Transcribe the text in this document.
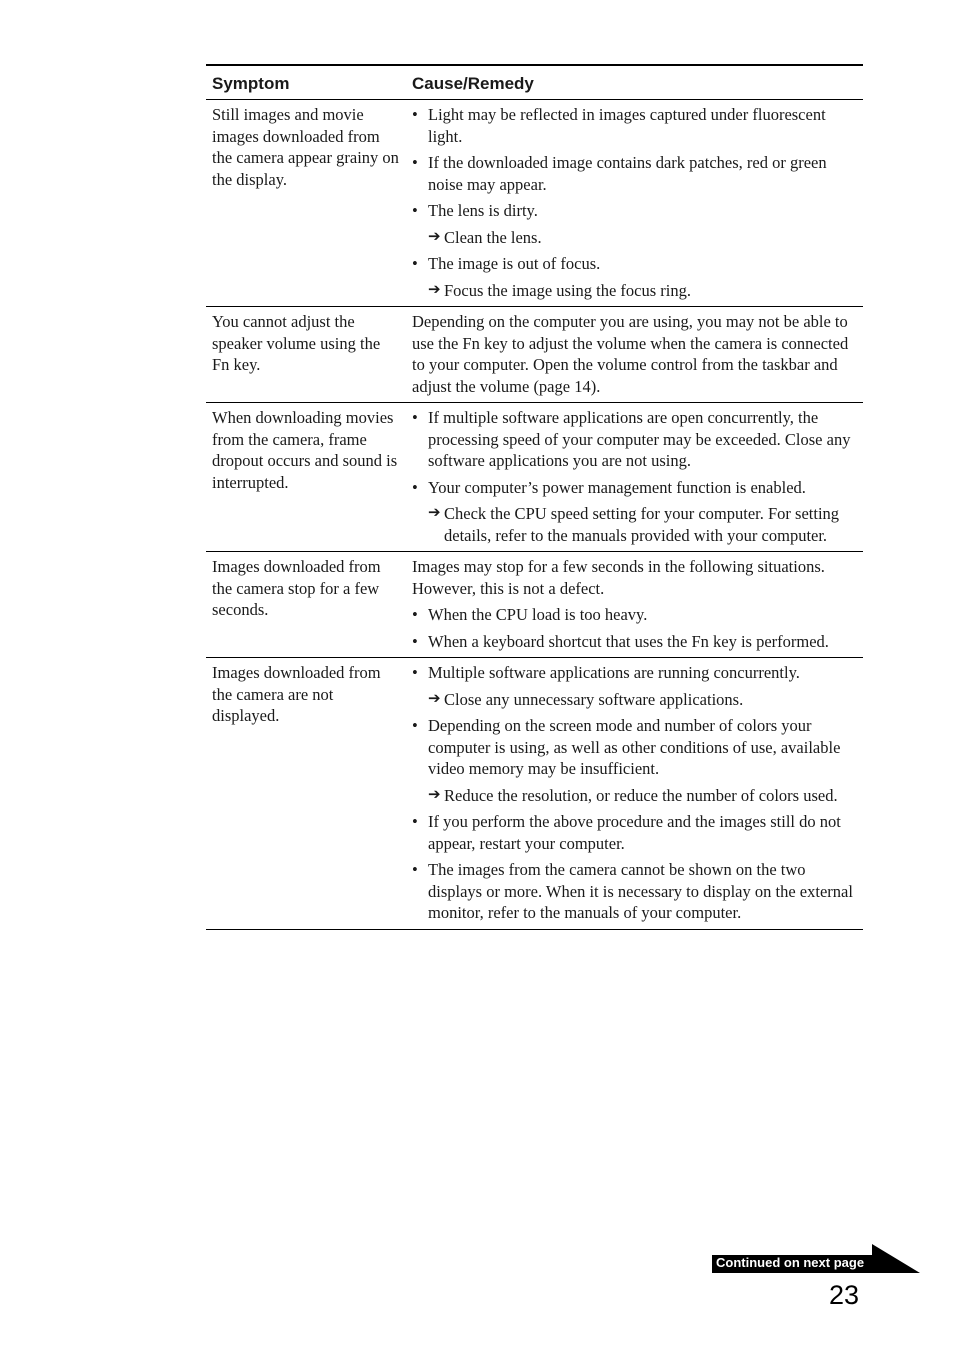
Symptom	Cause/Remedy
Still images and movie images downloaded from the camera appear grainy on the display.
• Light may be reflected in images captured under fluorescent light.
• If the downloaded image contains dark patches, red or green noise may appear.
• The lens is dirty.
➔ Clean the lens.
• The image is out of focus.
➔ Focus the image using the focus ring.
You cannot adjust the speaker volume using the Fn key.
Depending on the computer you are using, you may not be able to use the Fn key to adjust the volume when the camera is connected to your computer. Open the volume control from the taskbar and adjust the volume (page 14).
When downloading movies from the camera, frame dropout occurs and sound is interrupted.
• If multiple software applications are open concurrently, the processing speed of your computer may be exceeded. Close any software applications you are not using.
• Your computer’s power management function is enabled.
➔ Check the CPU speed setting for your computer. For setting details, refer to the manuals provided with your computer.
Images downloaded from the camera stop for a few seconds.
Images may stop for a few seconds in the following situations. However, this is not a defect.
• When the CPU load is too heavy.
• When a keyboard shortcut that uses the Fn key is performed.
Images downloaded from the camera are not displayed.
• Multiple software applications are running concurrently.
➔ Close any unnecessary software applications.
• Depending on the screen mode and number of colors your computer is using, as well as other conditions of use, available video memory may be insufficient.
➔ Reduce the resolution, or reduce the number of colors used.
• If you perform the above procedure and the images still do not appear, restart your computer.
• The images from the camera cannot be shown on the two displays or more. When it is necessary to display on the external monitor, refer to the manuals of your computer.
Continued on next page
23
